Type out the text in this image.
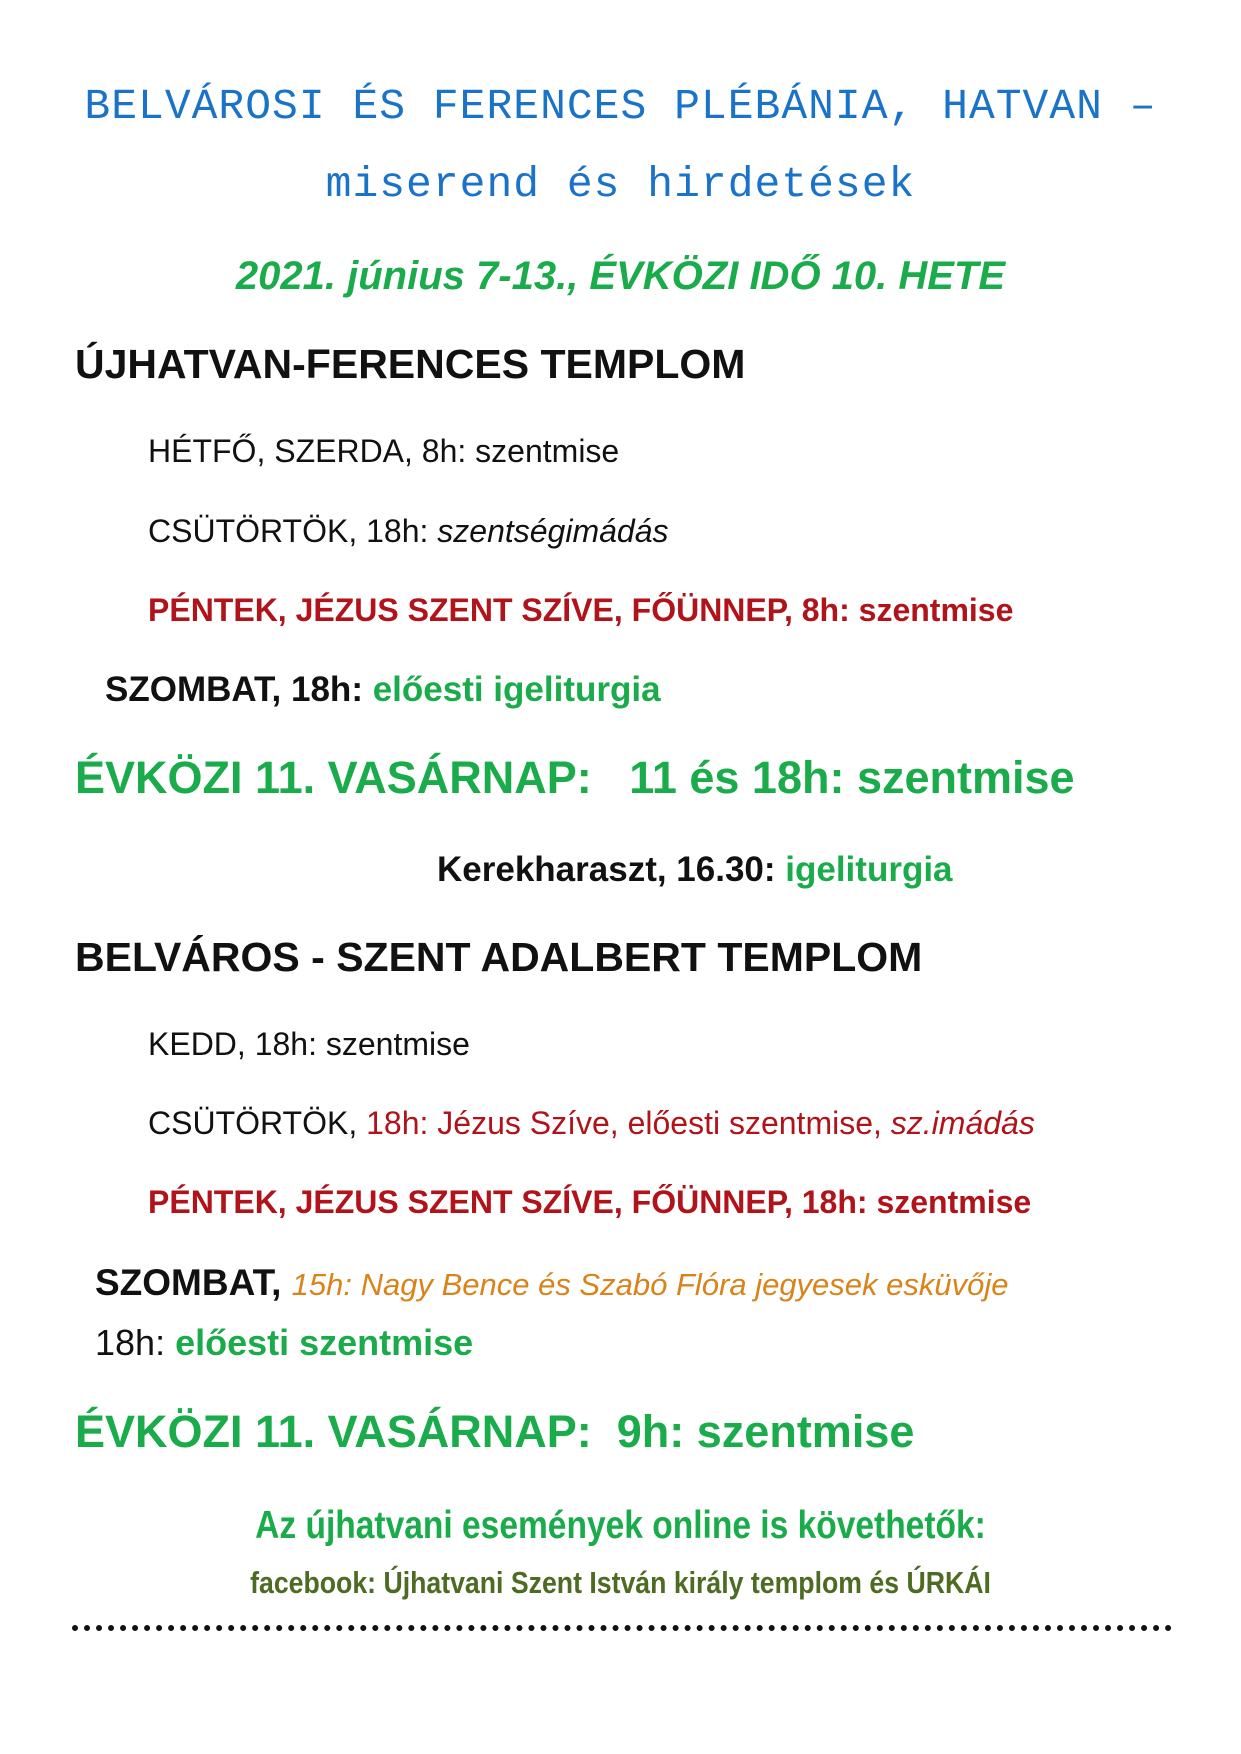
BELVÁROSI ÉS FERENCES PLÉBÁNIA, HATVAN –
miserend és hirdetések
2021. június 7-13., ÉVKÖZI IDŐ 10. HETE
ÚJHATVAN-FERENCES TEMPLOM
HÉTFŐ, SZERDA, 8h: szentmise
CSÜTÖRTÖK, 18h: szentségimádás
PÉNTEK, JÉZUS SZENT SZÍVE, FŐÜNNEP, 8h: szentmise
SZOMBAT, 18h: előesti igeliturgia
ÉVKÖZI 11. VASÁRNAP:   11 és 18h: szentmise
Kerekharaszt, 16.30: igeliturgia
BELVÁROS - SZENT ADALBERT TEMPLOM
KEDD, 18h: szentmise
CSÜTÖRTÖK, 18h: Jézus Szíve, előesti szentmise, sz.imádás
PÉNTEK, JÉZUS SZENT SZÍVE, FŐÜNNEP, 18h: szentmise
SZOMBAT, 15h: Nagy Bence és Szabó Flóra jegyesek esküvője
18h: előesti szentmise
ÉVKÖZI 11. VASÁRNAP:  9h: szentmise
Az újhatvani események online is követhetők:
facebook: Újhatvani Szent István király templom és ÚRKÁI
